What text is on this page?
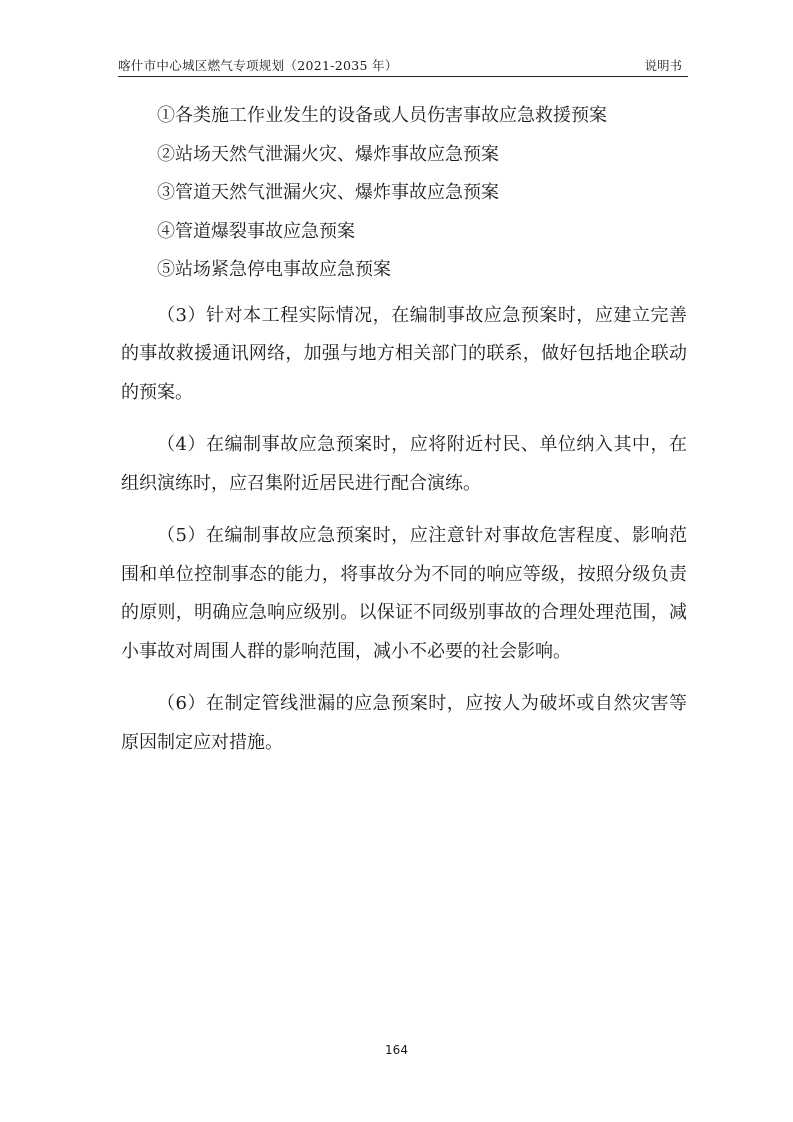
喀什市中心城区燃气专项规划（2021-2035 年）	说明书
①各类施工作业发生的设备或人员伤害事故应急救援预案
②站场天然气泄漏火灾、爆炸事故应急预案
③管道天然气泄漏火灾、爆炸事故应急预案
④管道爆裂事故应急预案
⑤站场紧急停电事故应急预案

（3）针对本工程实际情况，在编制事故应急预案时，应建立完善的事故救援通讯网络，加强与地方相关部门的联系，做好包括地企联动的预案。

（4）在编制事故应急预案时，应将附近村民、单位纳入其中，在组织演练时，应召集附近居民进行配合演练。

（5）在编制事故应急预案时，应注意针对事故危害程度、影响范围和单位控制事态的能力，将事故分为不同的响应等级，按照分级负责的原则，明确应急响应级别。以保证不同级别事故的合理处理范围，减小事故对周围人群的影响范围，减小不必要的社会影响。

（6）在制定管线泄漏的应急预案时，应按人为破坏或自然灾害等原因制定应对措施。

164
